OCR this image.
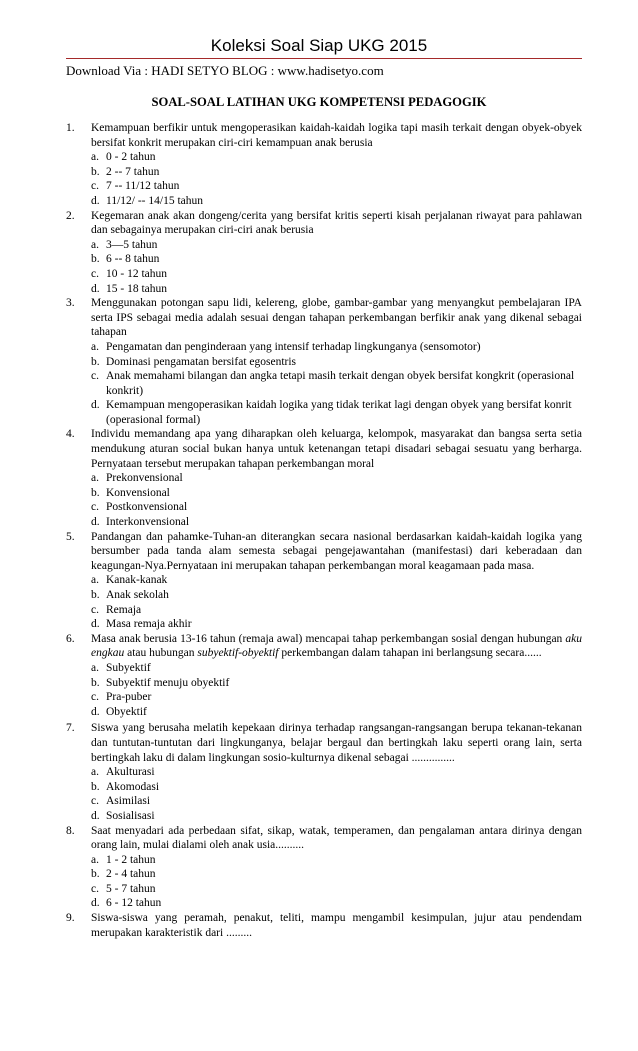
Koleksi Soal Siap UKG 2015
Download Via : HADI SETYO BLOG : www.hadisetyo.com
SOAL-SOAL LATIHAN UKG KOMPETENSI PEDAGOGIK
1. Kemampuan berfikir untuk mengoperasikan kaidah-kaidah logika tapi masih terkait dengan obyek-obyek bersifat konkrit merupakan ciri-ciri kemampuan anak berusia
a. 0 - 2 tahun
b. 2 -- 7 tahun
c. 7 -- 11/12 tahun
d. 11/12/ -- 14/15 tahun
2. Kegemaran anak akan dongeng/cerita yang bersifat kritis seperti kisah perjalanan riwayat para pahlawan dan sebagainya merupakan ciri-ciri anak berusia
a. 3—5 tahun
b. 6 -- 8 tahun
c. 10 - 12 tahun
d. 15 - 18 tahun
3. Menggunakan potongan sapu lidi, kelereng, globe, gambar-gambar yang menyangkut pembelajaran IPA serta IPS sebagai media adalah sesuai dengan tahapan perkembangan berfikir anak yang dikenal sebagai tahapan
a. Pengamatan dan penginderaan yang intensif terhadap lingkunganya (sensomotor)
b. Dominasi pengamatan bersifat egosentris
c. Anak memahami bilangan dan angka tetapi masih terkait dengan obyek bersifat kongkrit (operasional konkrit)
d. Kemampuan mengoperasikan kaidah logika yang tidak terikat lagi dengan obyek yang bersifat konrit (operasional formal)
4. Individu memandang apa yang diharapkan oleh keluarga, kelompok, masyarakat dan bangsa serta setia mendukung aturan social bukan hanya untuk ketenangan tetapi disadari sebagai sesuatu yang berharga. Pernyataan tersebut merupakan tahapan perkembangan moral
a. Prekonvensional
b. Konvensional
c. Postkonvensional
d. Interkonvensional
5. Pandangan dan pahamke-Tuhan-an diterangkan secara nasional berdasarkan kaidah-kaidah logika yang bersumber pada tanda alam semesta sebagai pengejawantahan (manifestasi) dari keberadaan dan keagungan-Nya.Pernyataan ini merupakan tahapan perkembangan moral keagamaan pada masa.
a. Kanak-kanak
b. Anak sekolah
c. Remaja
d. Masa remaja akhir
6. Masa anak berusia 13-16 tahun (remaja awal) mencapai tahap perkembangan sosial dengan hubungan aku engkau atau hubungan subyektif-obyektif perkembangan dalam tahapan ini berlangsung secara......
a. Subyektif
b. Subyektif menuju obyektif
c. Pra-puber
d. Obyektif
7. Siswa yang berusaha melatih kepekaan dirinya terhadap rangsangan-rangsangan berupa tekanan-tekanan dan tuntutan-tuntutan dari lingkunganya, belajar bergaul dan bertingkah laku seperti orang lain, serta bertingkah laku di dalam lingkungan sosio-kulturnya dikenal sebagai ...............
a. Akulturasi
b. Akomodasi
c. Asimilasi
d. Sosialisasi
8. Saat menyadari ada perbedaan sifat, sikap, watak, temperamen, dan pengalaman antara dirinya dengan orang lain, mulai dialami oleh anak usia..........
a. 1 - 2 tahun
b. 2 - 4 tahun
c. 5 - 7 tahun
d. 6 - 12 tahun
9. Siswa-siswa yang peramah, penakut, teliti, mampu mengambil kesimpulan, jujur atau pendendam merupakan karakteristik dari .........
